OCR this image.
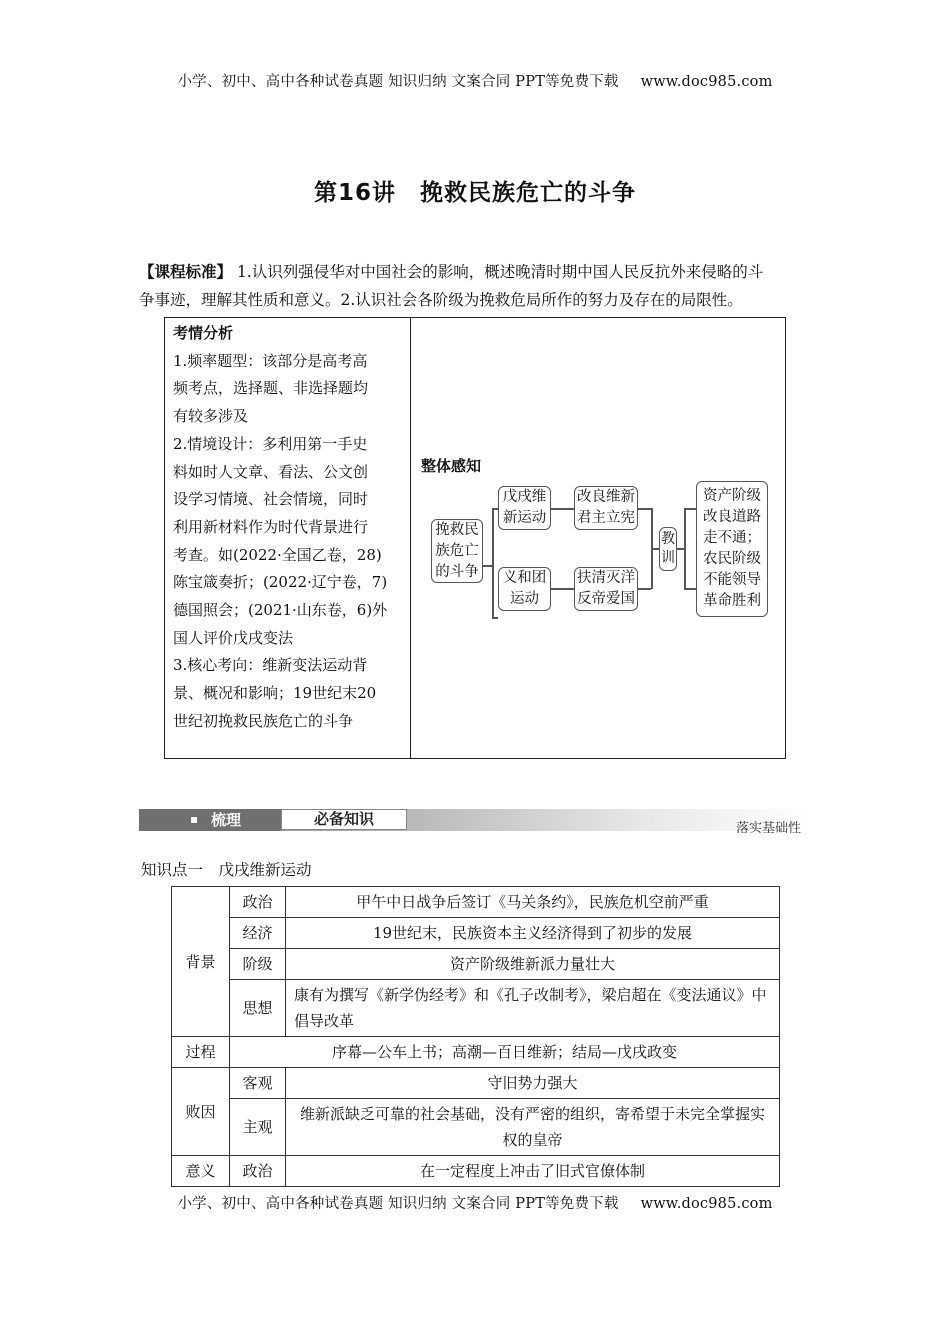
小学、初中、高中各种试卷真题 知识归纳 文案合同 PPT等免费下载 www.doc985.com
第16讲　挽救民族危亡的斗争
【课程标准】 1.认识列强侵华对中国社会的影响，概述晚清时期中国人民反抗外来侵略的斗
争事迹，理解其性质和意义。2.认识社会各阶级为挽救危局所作的努力及存在的局限性。
考情分析
1.频率题型：该部分是高考高
频考点，选择题、非选择题均
有较多涉及
2.情境设计：多利用第一手史
料如时人文章、看法、公文创
设学习情境、社会情境，同时
利用新材料作为时代背景进行
考查。如(2022·全国乙卷，28)
陈宝箴奏折；(2022·辽宁卷，7)
德国照会；(2021·山东卷，6)外
国人评价戊戌变法
3.核心考向：维新变法运动背
景、概况和影响；19世纪末20
世纪初挽救民族危亡的斗争
整体感知
挽救民
族危亡
的斗争
戊戌维
新运动
义和团
运动
改良维新
君主立宪
扶清灭洋
反帝爱国
教
训
资产阶级
改良道路
走不通；
农民阶级
不能领导
革命胜利
梳理	必备知识
落实基础性
知识点一　戊戌维新运动
背景	政治	甲午中日战争后签订《马关条约》，民族危机空前严重
	经济	19世纪末，民族资本主义经济得到了初步的发展
	阶级	资产阶级维新派力量壮大
	思想	康有为撰写《新学伪经考》和《孔子改制考》，梁启超在《变法通议》中倡导改革
过程	序幕—公车上书；高潮—百日维新；结局—戊戌政变	
败因	客观	守旧势力强大
	主观	维新派缺乏可靠的社会基础，没有严密的组织，寄希望于未完全掌握实权的皇帝
意义	政治	在一定程度上冲击了旧式官僚体制
小学、初中、高中各种试卷真题 知识归纳 文案合同 PPT等免费下载 www.doc985.com
